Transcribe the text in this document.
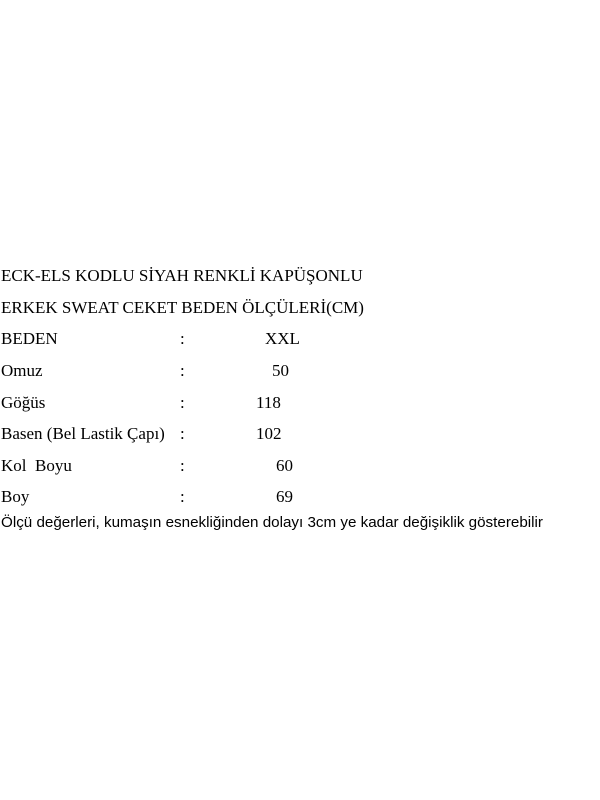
ECK-ELS KODLU SİYAH RENKLİ KAPÜŞONLU
ERKEK SWEAT CEKET BEDEN ÖLÇÜLERİ(CM)
BEDEN	:	XXL
Omuz	:	50
Göğüs	:	118
Basen (Bel Lastik Çapı) :	102
Kol  Boyu	:	60
Boy	:	69
Ölçü değerleri, kumaşın esnekliğinden dolayı 3cm ye kadar değişiklik gösterebilir
